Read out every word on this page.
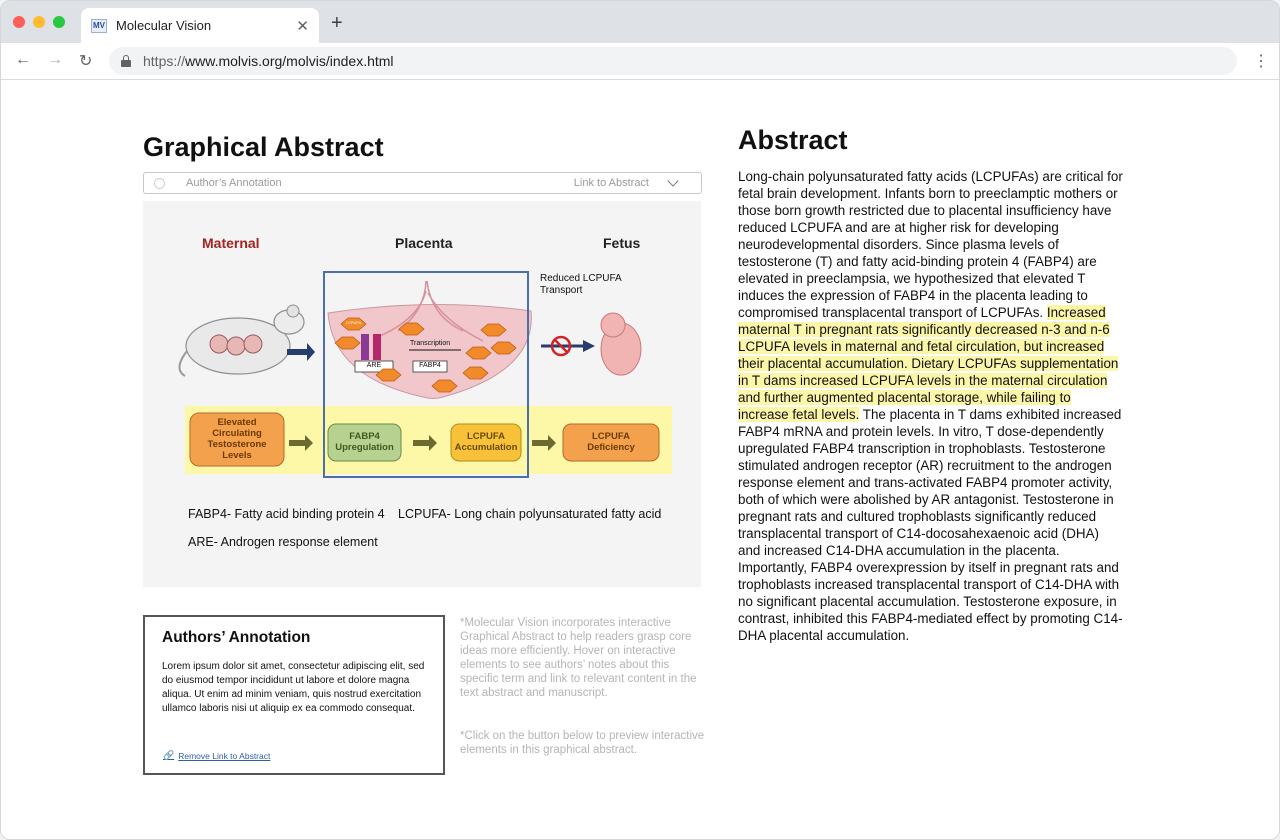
MV Molecular Vision	✕ +
← → ↻	https://www.molvis.org/molvis/index.html	⋮
Graphical Abstract
Author’s Annotation	Link to Abstract
Maternal	Placenta	Fetus
Reduced LCPUFA
Transport
Transcription
ARE	FABP4
LCPUFA
Elevated
Circulating
Testosterone
Levels
FABP4
Upregulation
LCPUFA
Accumulation
LCPUFA
Deficiency
FABP4- Fatty acid binding protein 4 LCPUFA- Long chain polyunsaturated fatty acid
ARE- Androgen response element
Authors’ Annotation
Lorem ipsum dolor sit amet, consectetur adipiscing elit, sed do eiusmod tempor incididunt ut labore et dolore magna aliqua. Ut enim ad minim veniam, quis nostrud exercitation ullamco laboris nisi ut aliquip ex ea commodo consequat.
🔗 Remove Link to Abstract
*Molecular Vision incorporates interactive Graphical Abstract to help readers grasp core ideas more efficiently. Hover on interactive elements to see authors’ notes about this specific term and link to relevant content in the text abstract and manuscript.
*Click on the button below to preview interactive elements in this graphical abstract.
Abstract
Long-chain polyunsaturated fatty acids (LCPUFAs) are critical for fetal brain development. Infants born to preeclamptic mothers or those born growth restricted due to placental insufficiency have reduced LCPUFA and are at higher risk for developing neurodevelopmental disorders. Since plasma levels of testosterone (T) and fatty acid-binding protein 4 (FABP4) are elevated in preeclampsia, we hypothesized that elevated T induces the expression of FABP4 in the placenta leading to compromised transplacental transport of LCPUFAs. Increased maternal T in pregnant rats significantly decreased n-3 and n-6 LCPUFA levels in maternal and fetal circulation, but increased their placental accumulation. Dietary LCPUFAs supplementation in T dams increased LCPUFA levels in the maternal circulation and further augmented placental storage, while failing to increase fetal levels. The placenta in T dams exhibited increased FABP4 mRNA and protein levels. In vitro, T dose-dependently upregulated FABP4 transcription in trophoblasts. Testosterone stimulated androgen receptor (AR) recruitment to the androgen response element and trans-activated FABP4 promoter activity, both of which were abolished by AR antagonist. Testosterone in pregnant rats and cultured trophoblasts significantly reduced transplacental transport of C14-docosahexaenoic acid (DHA) and increased C14-DHA accumulation in the placenta. Importantly, FABP4 overexpression by itself in pregnant rats and trophoblasts increased transplacental transport of C14-DHA with no significant placental accumulation. Testosterone exposure, in contrast, inhibited this FABP4-mediated effect by promoting C14-DHA placental accumulation.
